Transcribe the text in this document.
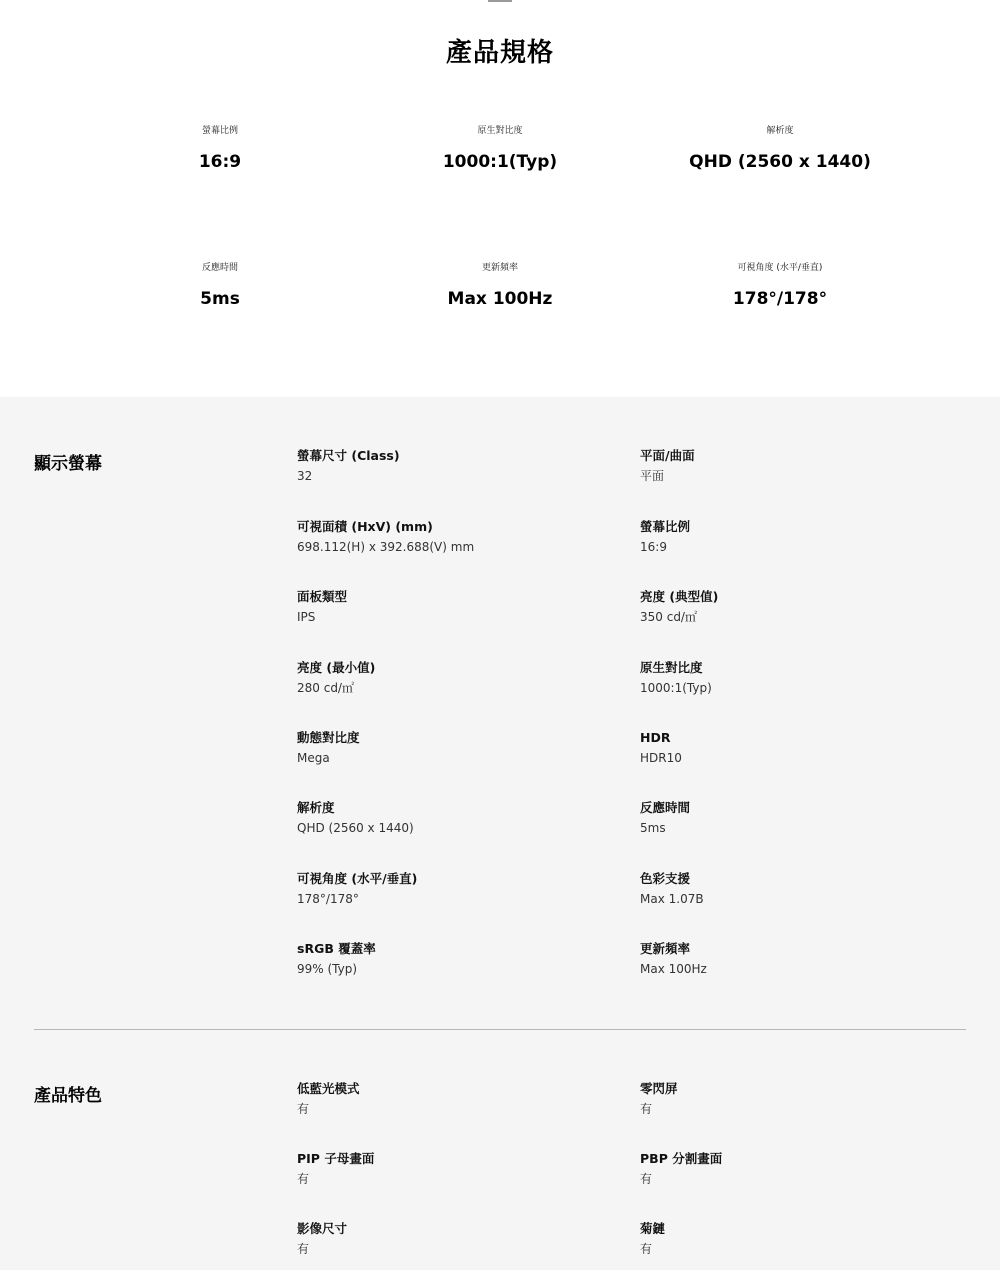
產品規格
螢幕比例
16:9
原生對比度
1000:1(Typ)
解析度
QHD (2560 x 1440)
反應時間
5ms
更新頻率
Max 100Hz
可視角度 (水平/垂直)
178°/178°
顯示螢幕	螢幕尺寸 (Class)
32
平面/曲面
平面
可視面積 (HxV) (mm)
698.112(H) x 392.688(V) mm
螢幕比例
16:9
面板類型
IPS
亮度 (典型值)
350 cd/㎡
亮度 (最小值)
280 cd/㎡
原生對比度
1000:1(Typ)
動態對比度
Mega
HDR
HDR10
解析度
QHD (2560 x 1440)
反應時間
5ms
可視角度 (水平/垂直)
178°/178°
色彩支援
Max 1.07B
sRGB 覆蓋率
99% (Typ)
更新頻率
Max 100Hz
產品特色	低藍光模式
有
零閃屏
有
PIP 子母畫面
有
PBP 分割畫面
有
影像尺寸
有
菊鏈
有
